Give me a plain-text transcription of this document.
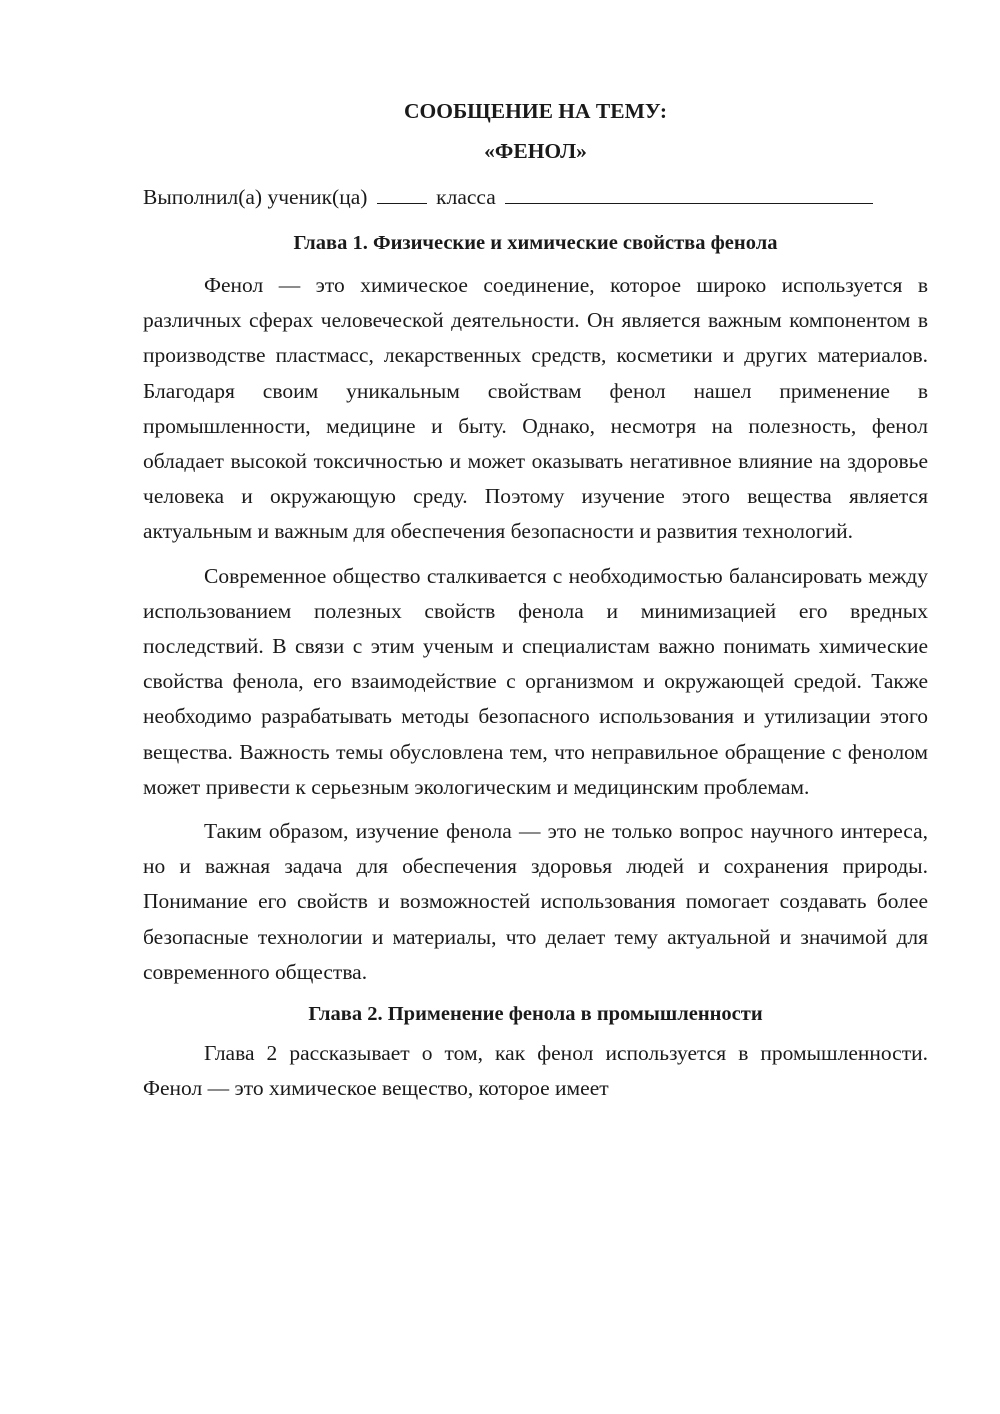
СООБЩЕНИЕ НА ТЕМУ:
«ФЕНОЛ»

Выполнил(а) ученик(ца)	класса

Глава 1. Физические и химические свойства фенола

Фенол — это химическое соединение, которое широко используется в различных сферах человеческой деятельности. Он является важным компонентом в производстве пластмасс, лекарственных средств, косметики и других материалов. Благодаря своим уникальным свойствам фенол нашел применение в промышленности, медицине и быту. Однако, несмотря на полезность, фенол обладает высокой токсичностью и может оказывать негативное влияние на здоровье человека и окружающую среду. Поэтому изучение этого вещества является актуальным и важным для обеспечения безопасности и развития технологий.

Современное общество сталкивается с необходимостью балансировать между использованием полезных свойств фенола и минимизацией его вредных последствий. В связи с этим ученым и специалистам важно понимать химические свойства фенола, его взаимодействие с организмом и окружающей средой. Также необходимо разрабатывать методы безопасного использования и утилизации этого вещества. Важность темы обусловлена тем, что неправильное обращение с фенолом может привести к серьезным экологическим и медицинским проблемам.

Таким образом, изучение фенола — это не только вопрос научного интереса, но и важная задача для обеспечения здоровья людей и сохранения природы. Понимание его свойств и возможностей использования помогает создавать более безопасные технологии и материалы, что делает тему актуальной и значимой для современного общества.

Глава 2. Применение фенола в промышленности

Глава 2 рассказывает о том, как фенол используется в промышленности. Фенол — это химическое вещество, которое имеет
